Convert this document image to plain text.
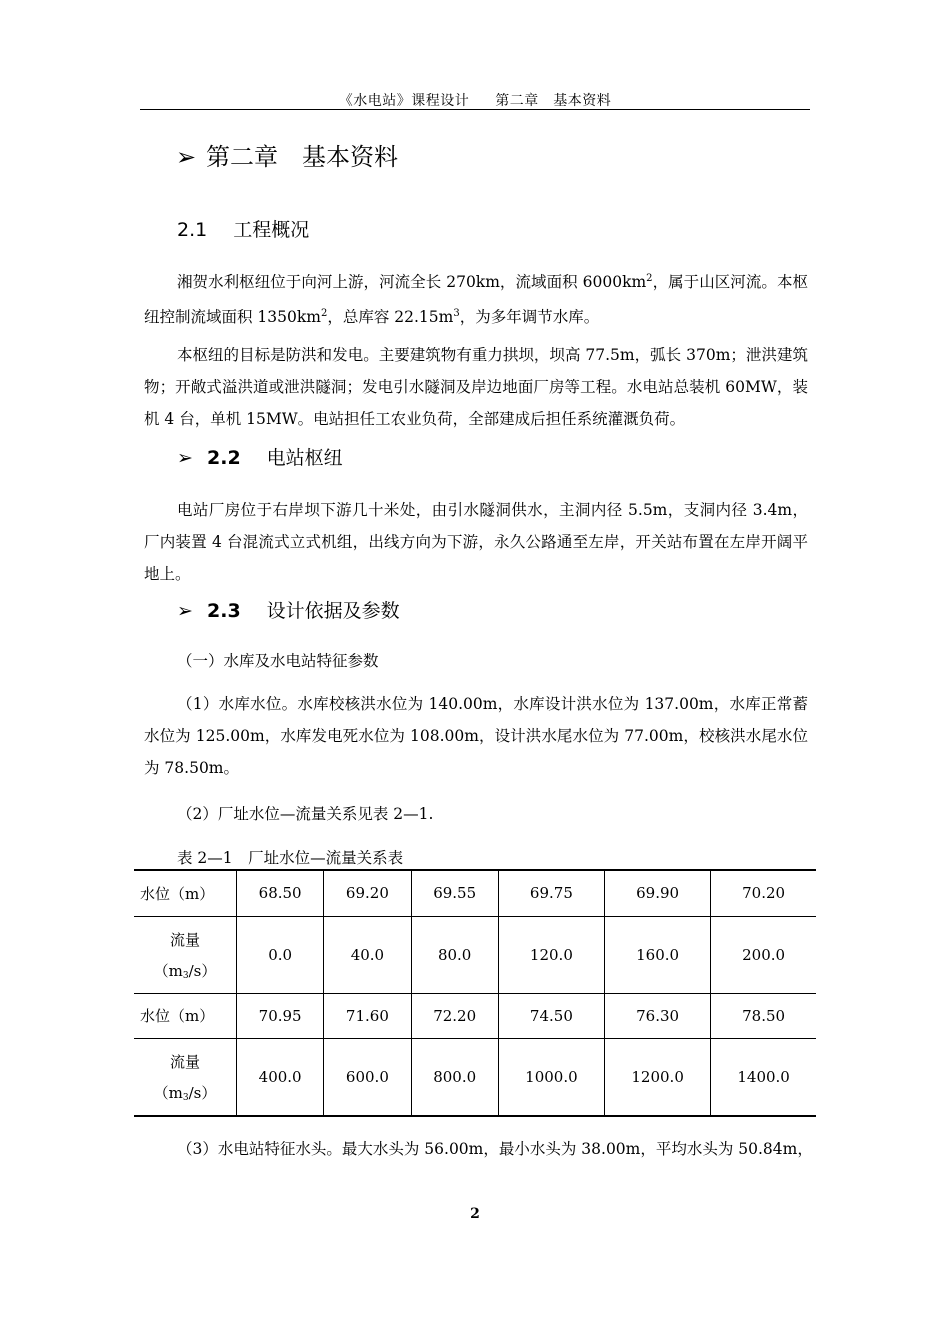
《水电站》课程设计 第二章　基本资料
➢ 第二章 基本资料
2.1 工程概况
湘贺水利枢纽位于向河上游，河流全长 270km，流域面积 $6000km^2$，属于山区河流。本枢纽控制流域面积 $1350km^2$，总库容 $22.15m^3$，为多年调节水库。
本枢纽的目标是防洪和发电。主要建筑物有重力拱坝，坝高 77.5m，弧长 370m；泄洪建筑物；开敞式溢洪道或泄洪隧洞；发电引水隧洞及岸边地面厂房等工程。水电站总装机 60MW，装机 4 台，单机 15MW。电站担任工农业负荷，全部建成后担任系统灌溉负荷。
➢ 2.2 电站枢纽
电站厂房位于右岸坝下游几十米处，由引水隧洞供水，主洞内径 5.5m，支洞内径 3.4m，厂内装置 4 台混流式立式机组，出线方向为下游，永久公路通至左岸，开关站布置在左岸开阔平地上。
➢ 2.3 设计依据及参数
（一）水库及水电站特征参数
（1）水库水位。水库校核洪水位为 140.00m，水库设计洪水位为 137.00m，水库正常蓄水位为 125.00m，水库发电死水位为 108.00m，设计洪水尾水位为 77.00m，校核洪水尾水位为 78.50m。
（2）厂址水位—流量关系见表 2—1.
表 2—1　厂址水位—流量关系表
水位（m）	68.50	69.20	69.55	69.75	69.90	70.20
流量
$(m_3/s)$	0.0	40.0	80.0	120.0	160.0	200.0
水位（m）	70.95	71.60	72.20	74.50	76.30	78.50
流量
$(m_3/s)$	400.0	600.0	800.0	1000.0	1200.0	1400.0
（3）水电站特征水头。最大水头为 56.00m，最小水头为 38.00m，平均水头为 50.84m，
2
